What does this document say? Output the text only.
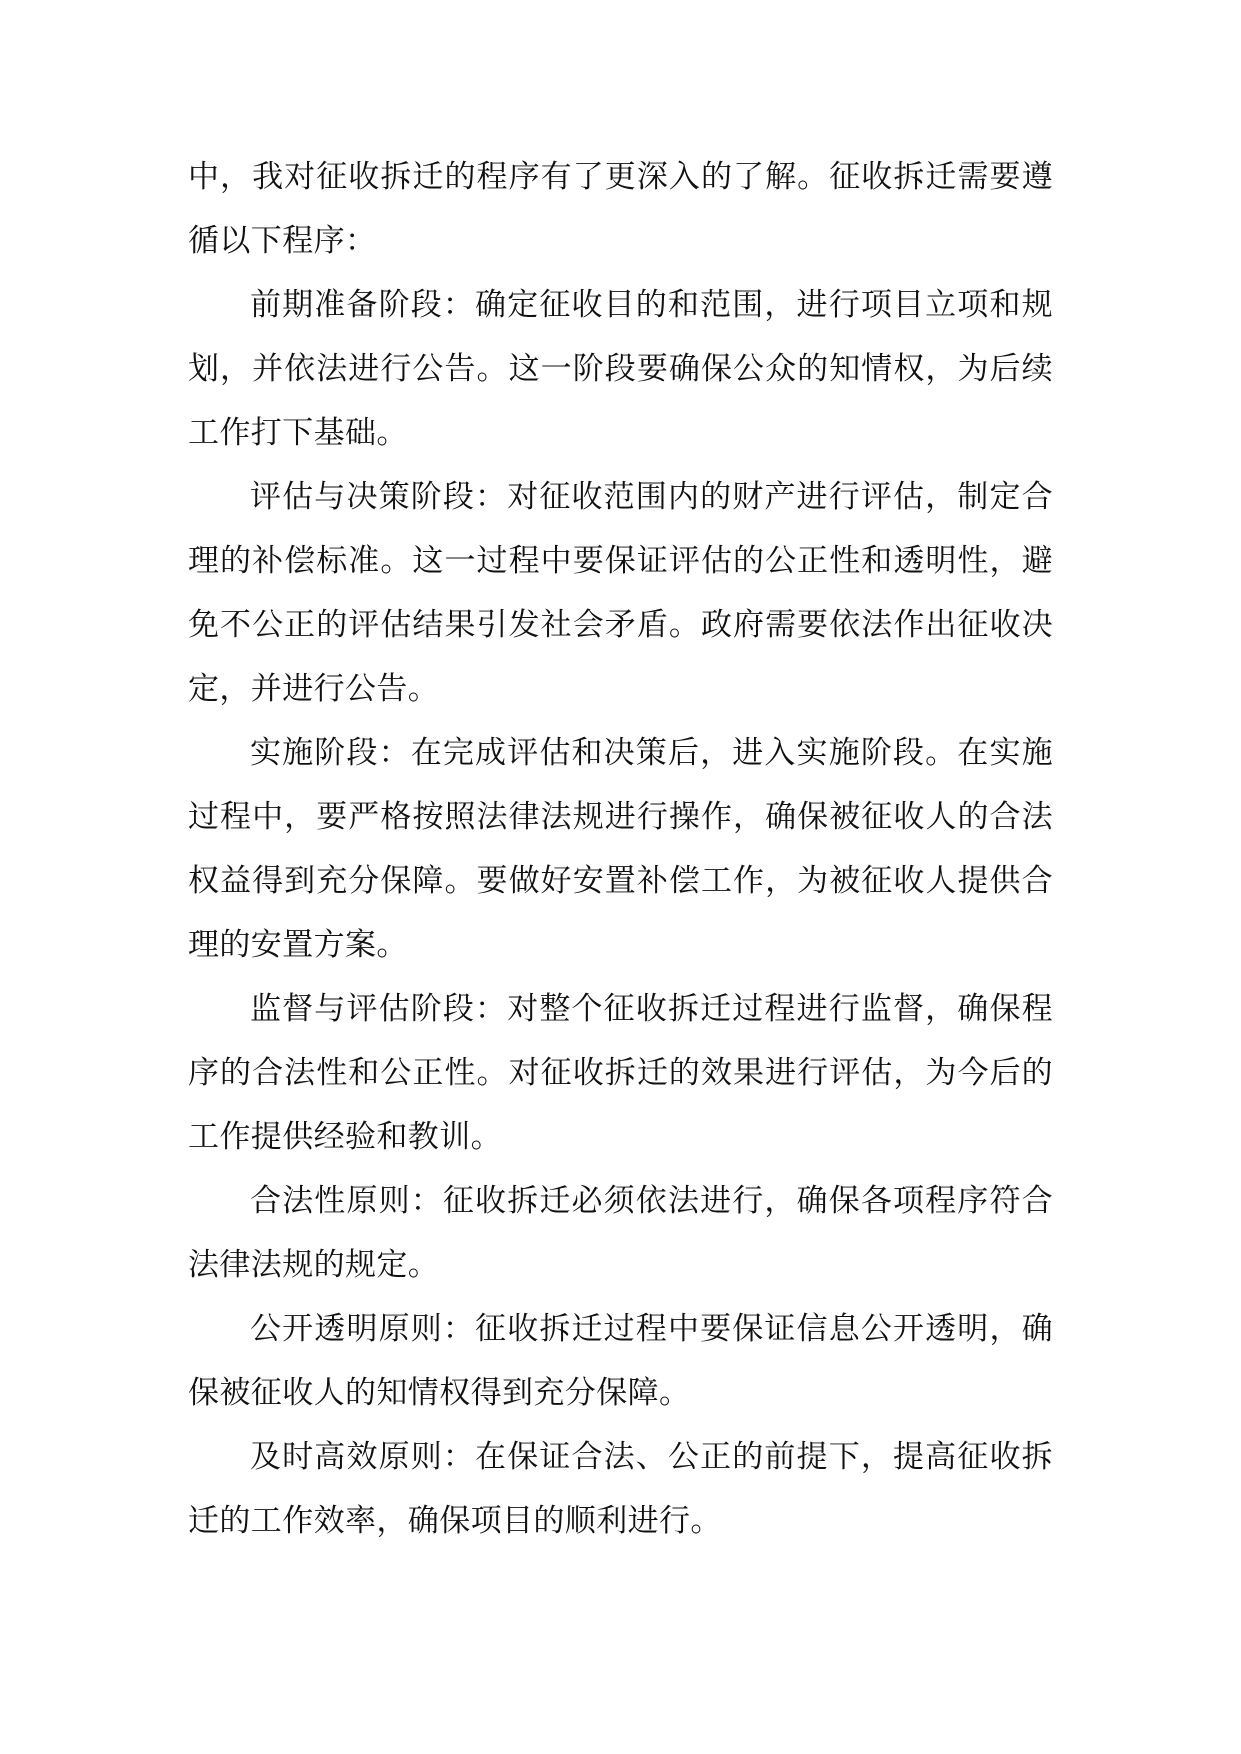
中，我对征收拆迁的程序有了更深入的了解。征收拆迁需要遵循以下程序：

前期准备阶段：确定征收目的和范围，进行项目立项和规划，并依法进行公告。这一阶段要确保公众的知情权，为后续工作打下基础。

评估与决策阶段：对征收范围内的财产进行评估，制定合理的补偿标准。这一过程中要保证评估的公正性和透明性，避免不公正的评估结果引发社会矛盾。政府需要依法作出征收决定，并进行公告。

实施阶段：在完成评估和决策后，进入实施阶段。在实施过程中，要严格按照法律法规进行操作，确保被征收人的合法权益得到充分保障。要做好安置补偿工作，为被征收人提供合理的安置方案。

监督与评估阶段：对整个征收拆迁过程进行监督，确保程序的合法性和公正性。对征收拆迁的效果进行评估，为今后的工作提供经验和教训。

合法性原则：征收拆迁必须依法进行，确保各项程序符合法律法规的规定。

公开透明原则：征收拆迁过程中要保证信息公开透明，确保被征收人的知情权得到充分保障。

及时高效原则：在保证合法、公正的前提下，提高征收拆迁的工作效率，确保项目的顺利进行。
